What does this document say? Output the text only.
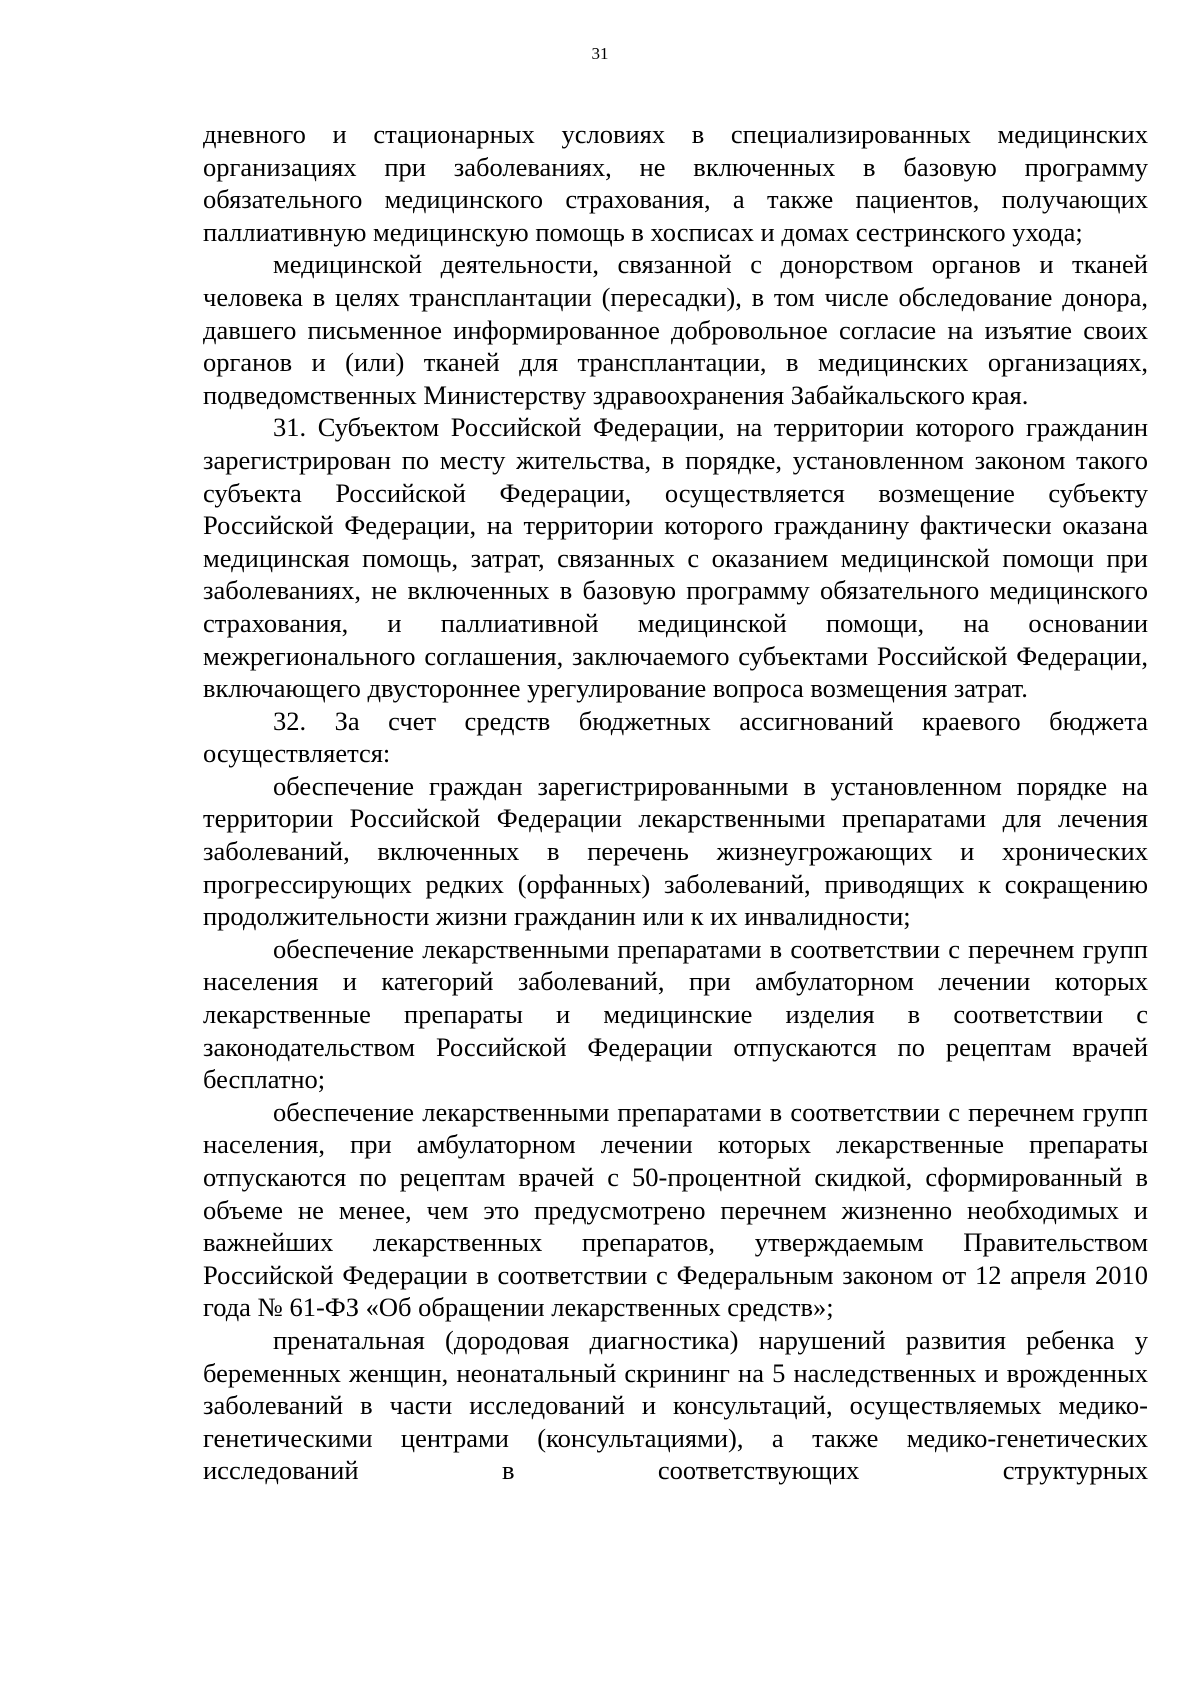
31

дневного и стационарных условиях в специализированных медицинских организациях при заболеваниях, не включенных в базовую программу обязательного медицинского страхования, а также пациентов, получающих паллиативную медицинскую помощь в хосписах и домах сестринского ухода;

медицинской деятельности, связанной с донорством органов и тканей человека в целях трансплантации (пересадки), в том числе обследование донора, давшего письменное информированное добровольное согласие на изъятие своих органов и (или) тканей для трансплантации, в медицинских организациях, подведомственных Министерству здравоохранения Забайкальского края.

31. Субъектом Российской Федерации, на территории которого гражданин зарегистрирован по месту жительства, в порядке, установленном законом такого субъекта Российской Федерации, осуществляется возмещение субъекту Российской Федерации, на территории которого гражданину фактически оказана медицинская помощь, затрат, связанных с оказанием медицинской помощи при заболеваниях, не включенных в базовую программу обязательного медицинского страхования, и паллиативной медицинской помощи, на основании межрегионального соглашения, заключаемого субъектами Российской Федерации, включающего двустороннее урегулирование вопроса возмещения затрат.

32. За счет средств бюджетных ассигнований краевого бюджета осуществляется:

обеспечение граждан зарегистрированными в установленном порядке на территории Российской Федерации лекарственными препаратами для лечения заболеваний, включенных в перечень жизнеугрожающих и хронических прогрессирующих редких (орфанных) заболеваний, приводящих к сокращению продолжительности жизни гражданин или к их инвалидности;

обеспечение лекарственными препаратами в соответствии с перечнем групп населения и категорий заболеваний, при амбулаторном лечении которых лекарственные препараты и медицинские изделия в соответствии с законодательством Российской Федерации отпускаются по рецептам врачей бесплатно;

обеспечение лекарственными препаратами в соответствии с перечнем групп населения, при амбулаторном лечении которых лекарственные препараты отпускаются по рецептам врачей с 50-процентной скидкой, сформированный в объеме не менее, чем это предусмотрено перечнем жизненно необходимых и важнейших лекарственных препаратов, утверждаемым Правительством Российской Федерации в соответствии с Федеральным законом от 12 апреля 2010 года № 61-ФЗ «Об обращении лекарственных средств»;

пренатальная (дородовая диагностика) нарушений развития ребенка у беременных женщин, неонатальный скрининг на 5 наследственных и врожденных заболеваний в части исследований и консультаций, осуществляемых медико-генетическими центрами (консультациями), а также медико-генетических исследований в соответствующих структурных
